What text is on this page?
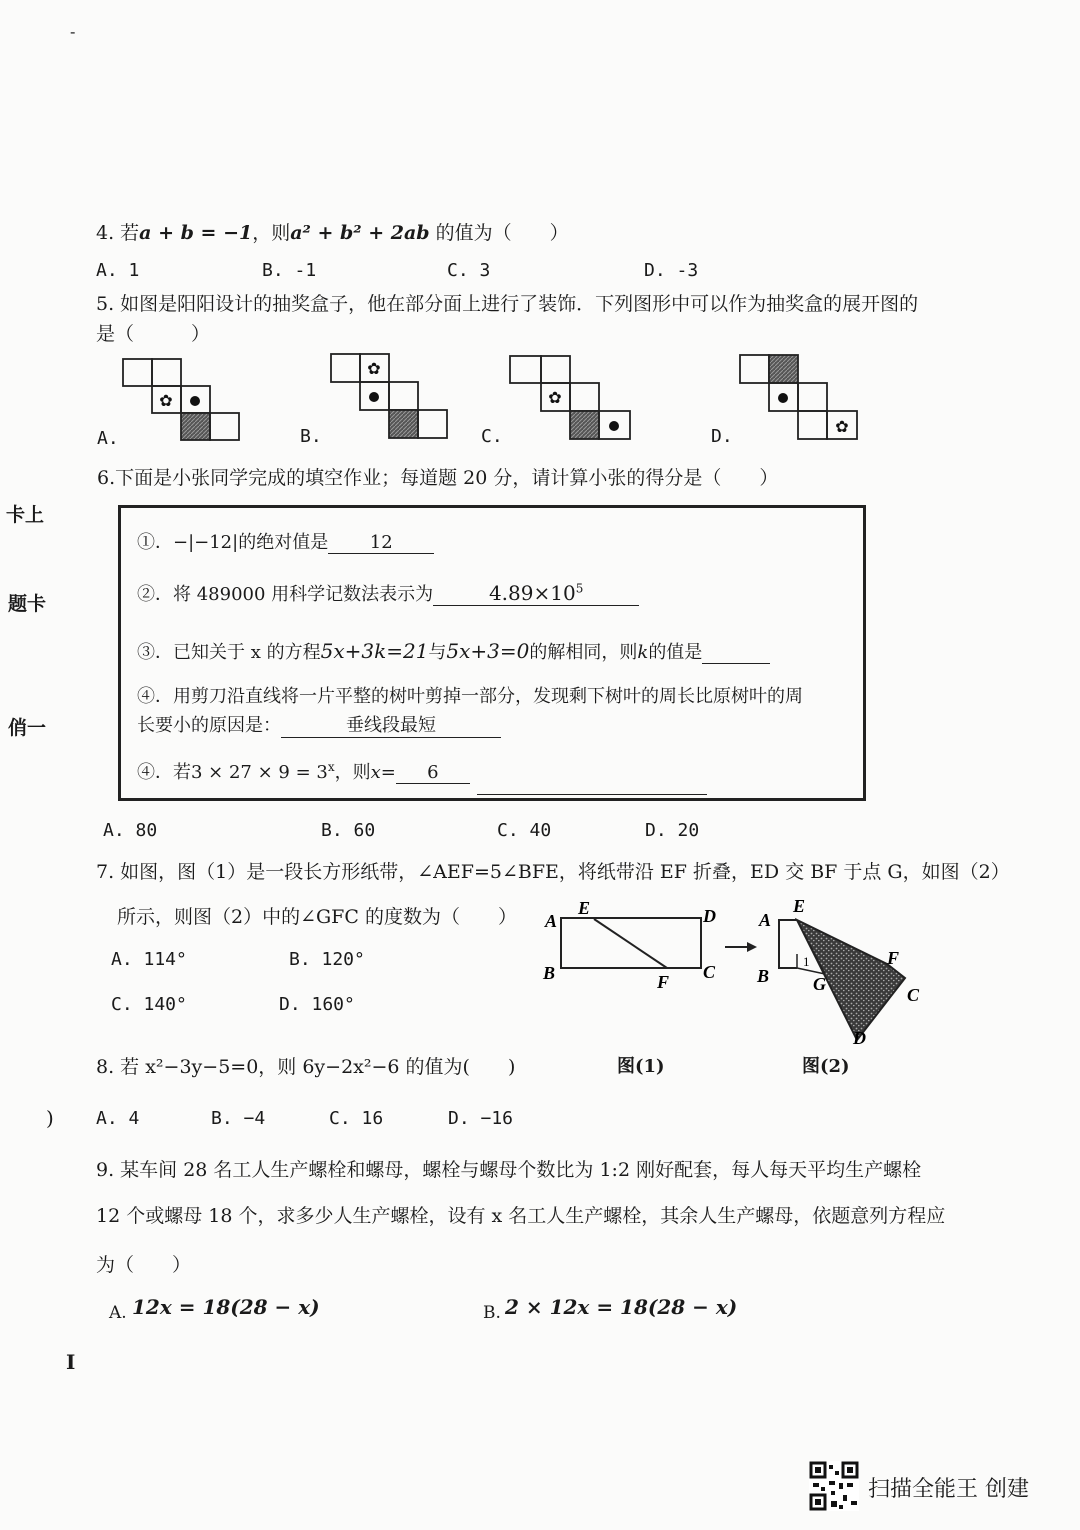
-
卡上
题卡
俏一
)
I
4. 若a + b = −1，则a² + b² + 2ab 的值为（　　）
A. 1	B. -1	C. 3	D. -3
5. 如图是阳阳设计的抽奖盒子，他在部分面上进行了装饰．下列图形中可以作为抽奖盒的展开图的
是（　　　）
✿
✿
✿
✿
A.	B.	C.	D.
6.下面是小张同学完成的填空作业；每道题 20 分，请计算小张的得分是（　　）
①．−|−12|的绝对值是 12
②．将 489000 用科学记数法表示为	$4.89\times 10^5$
③．已知关于 x 的方程5x+3k=21与5x+3=0的解相同，则k的值是
④．用剪刀沿直线将一片平整的树叶剪掉一部分，发现剩下树叶的周长比原树叶的周
长要小的原因是：	垂线段最短
④．若$3 \times 27 \times 9 = 3^x$，则x= 6
A. 80	B. 60	C. 40	D. 20
7. 如图，图（1）是一段长方形纸带，∠AEF=5∠BFE，将纸带沿 EF 折叠，ED 交 BF 于点 G，如图（2）
所示，则图（2）中的∠GFC 的度数为（　　）
A. 114°	B. 120°
C. 140°	D. 160°
A
E	D
B	F C
A
E
B
1
G
F
C
D
图(1)	图(2)
8. 若 x²−3y−5=0，则 6y−2x²−6 的值为(　　)
A. 4	B. −4	C. 16	D. −16
9. 某车间 28 名工人生产螺栓和螺母，螺栓与螺母个数比为 1:2 刚好配套，每人每天平均生产螺栓
12 个或螺母 18 个，求多少人生产螺栓，设有 x 名工人生产螺栓，其余人生产螺母，依题意列方程应
为（　　）
A. 12x = 18(28 − x)	B. 2 × 12x = 18(28 − x)
扫描全能王 创建
